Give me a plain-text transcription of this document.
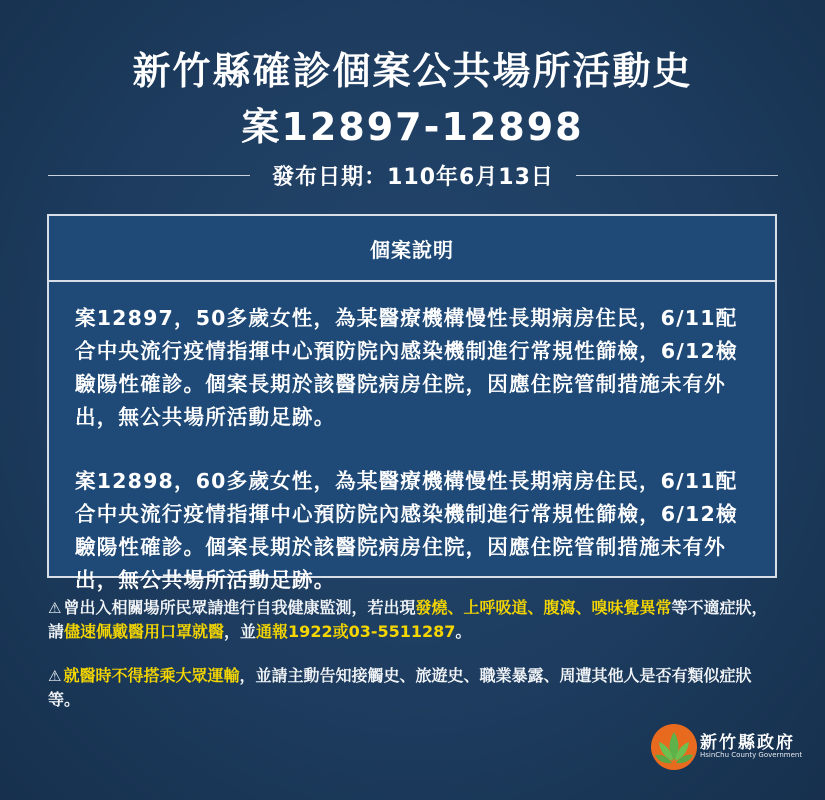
新竹縣確診個案公共場所活動史
案12897-12898
發布日期：110年6月13日
個案說明

案12897，50多歲女性，為某醫療機構慢性長期病房住民，6/11配合中央流行疫情指揮中心預防院內感染機制進行常規性篩檢，6/12檢驗陽性確診。個案長期於該醫院病房住院，因應住院管制措施未有外出，無公共場所活動足跡。

案12898，60多歲女性，為某醫療機構慢性長期病房住民，6/11配合中央流行疫情指揮中心預防院內感染機制進行常規性篩檢，6/12檢驗陽性確診。個案長期於該醫院病房住院，因應住院管制措施未有外出，無公共場所活動足跡。

⚠ 曾出入相關場所民眾請進行自我健康監測，若出現發燒、上呼吸道、腹瀉、嗅味覺異常等不適症狀，請儘速佩戴醫用口罩就醫，並通報1922或03-5511287。

⚠ 就醫時不得搭乘大眾運輸，並請主動告知接觸史、旅遊史、職業暴露、周遭其他人是否有類似症狀等。

新竹縣政府
HsinChu County Government
